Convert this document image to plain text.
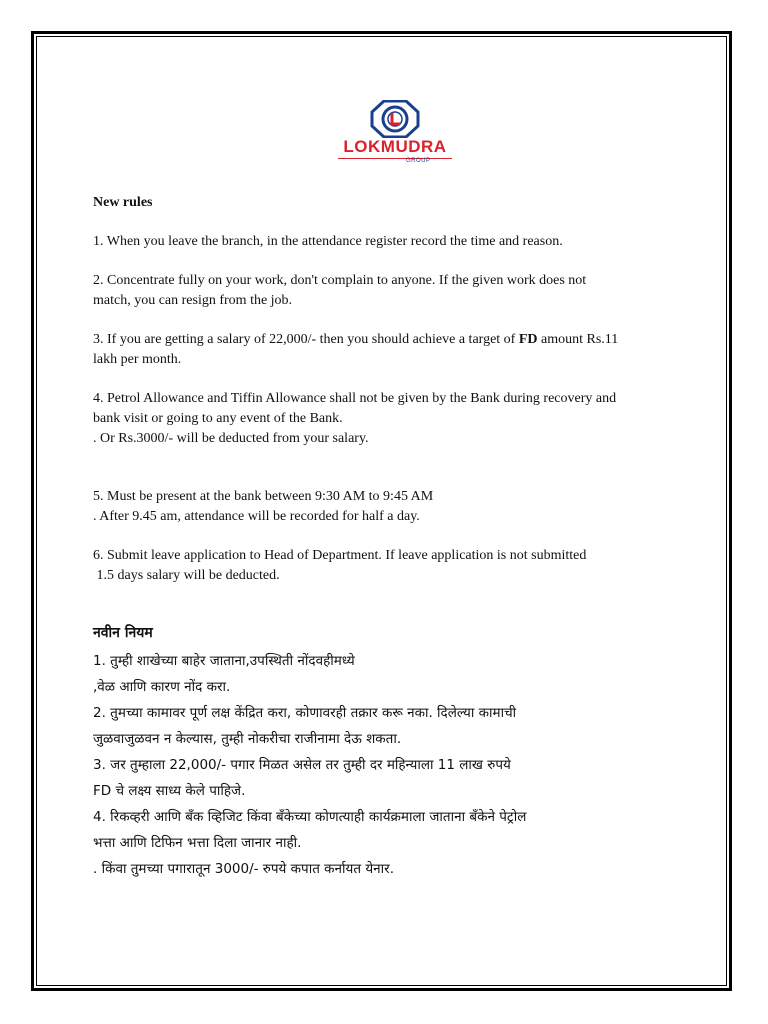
LOKMUDRA
GROUP
New rules
1. When you leave the branch, in the attendance register record the time and reason.
2. Concentrate fully on your work, don't complain to anyone. If the given work does not
match, you can resign from the job.
3. If you are getting a salary of 22,000/- then you should achieve a target of FD amount Rs.11
lakh per month.
4. Petrol Allowance and Tiffin Allowance shall not be given by the Bank during recovery and
bank visit or going to any event of the Bank.
. Or Rs.3000/- will be deducted from your salary.
5. Must be present at the bank between 9:30 AM to 9:45 AM
. After 9.45 am, attendance will be recorded for half a day.
6. Submit leave application to Head of Department. If leave application is not submitted
1.5 days salary will be deducted.
नवीन नियम
1. तुम्ही शाखेच्या बाहेर जाताना,उपस्थिती नोंदवहीमध्ये
,वेळ आणि कारण नोंद करा.
2. तुमच्या कामावर पूर्ण लक्ष केंद्रित करा, कोणावरही तक्रार करू नका. दिलेल्या कामाची
जुळवाजुळवन न केल्यास, तुम्ही नोकरीचा राजीनामा देऊ शकता.
3. जर तुम्हाला 22,000/- पगार मिळत असेल तर तुम्ही दर महिन्याला 11 लाख रुपये
FD चे लक्ष्य साध्य केले पाहिजे.
4. रिकव्हरी आणि बँक व्हिजिट किंवा बँकेच्या कोणत्याही कार्यक्रमाला जाताना बँकेने पेट्रोल
भत्ता आणि टिफिन भत्ता दिला जानार नाही.
. किंवा तुमच्या पगारातून 3000/- रुपये कपात कर्नायत येनार.
